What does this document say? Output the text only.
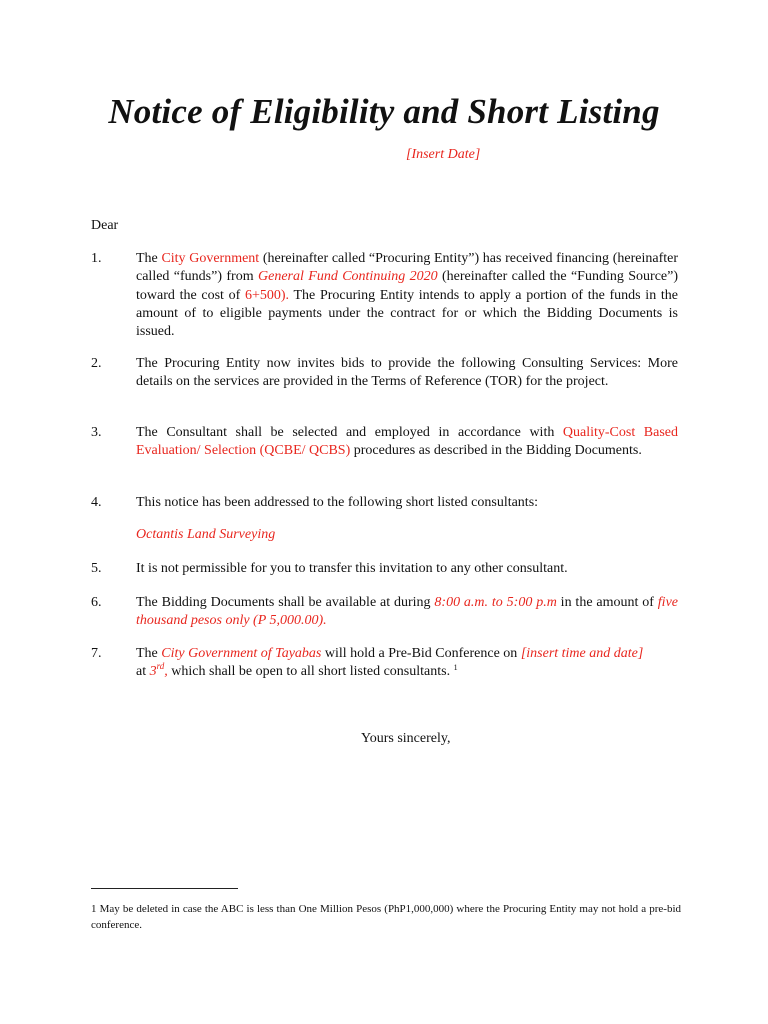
Notice of Eligibility and Short Listing
[Insert Date]
Dear
1. The City Government (hereinafter called “Procuring Entity”) has received financing (hereinafter called “funds”) from General Fund Continuing 2020 (hereinafter called the “Funding Source”) toward the cost of 6+500). The Procuring Entity intends to apply a portion of the funds in the amount of to eligible payments under the contract for or which the Bidding Documents is issued.
2. The Procuring Entity now invites bids to provide the following Consulting Services: More details on the services are provided in the Terms of Reference (TOR) for the project.
3. The Consultant shall be selected and employed in accordance with Quality-Cost Based Evaluation/ Selection (QCBE/ QCBS) procedures as described in the Bidding Documents.
4. This notice has been addressed to the following short listed consultants:
Octantis Land Surveying
5. It is not permissible for you to transfer this invitation to any other consultant.
6. The Bidding Documents shall be available at during 8:00 a.m. to 5:00 p.m in the amount of five thousand pesos only (P 5,000.00).
7. The City Government of Tayabas will hold a Pre-Bid Conference on [insert time and date]
at 3rd, which shall be open to all short listed consultants. $^1$
Yours sincerely,
1 May be deleted in case the ABC is less than One Million Pesos (PhP1,000,000) where the Procuring Entity may not hold a pre-bid conference.
